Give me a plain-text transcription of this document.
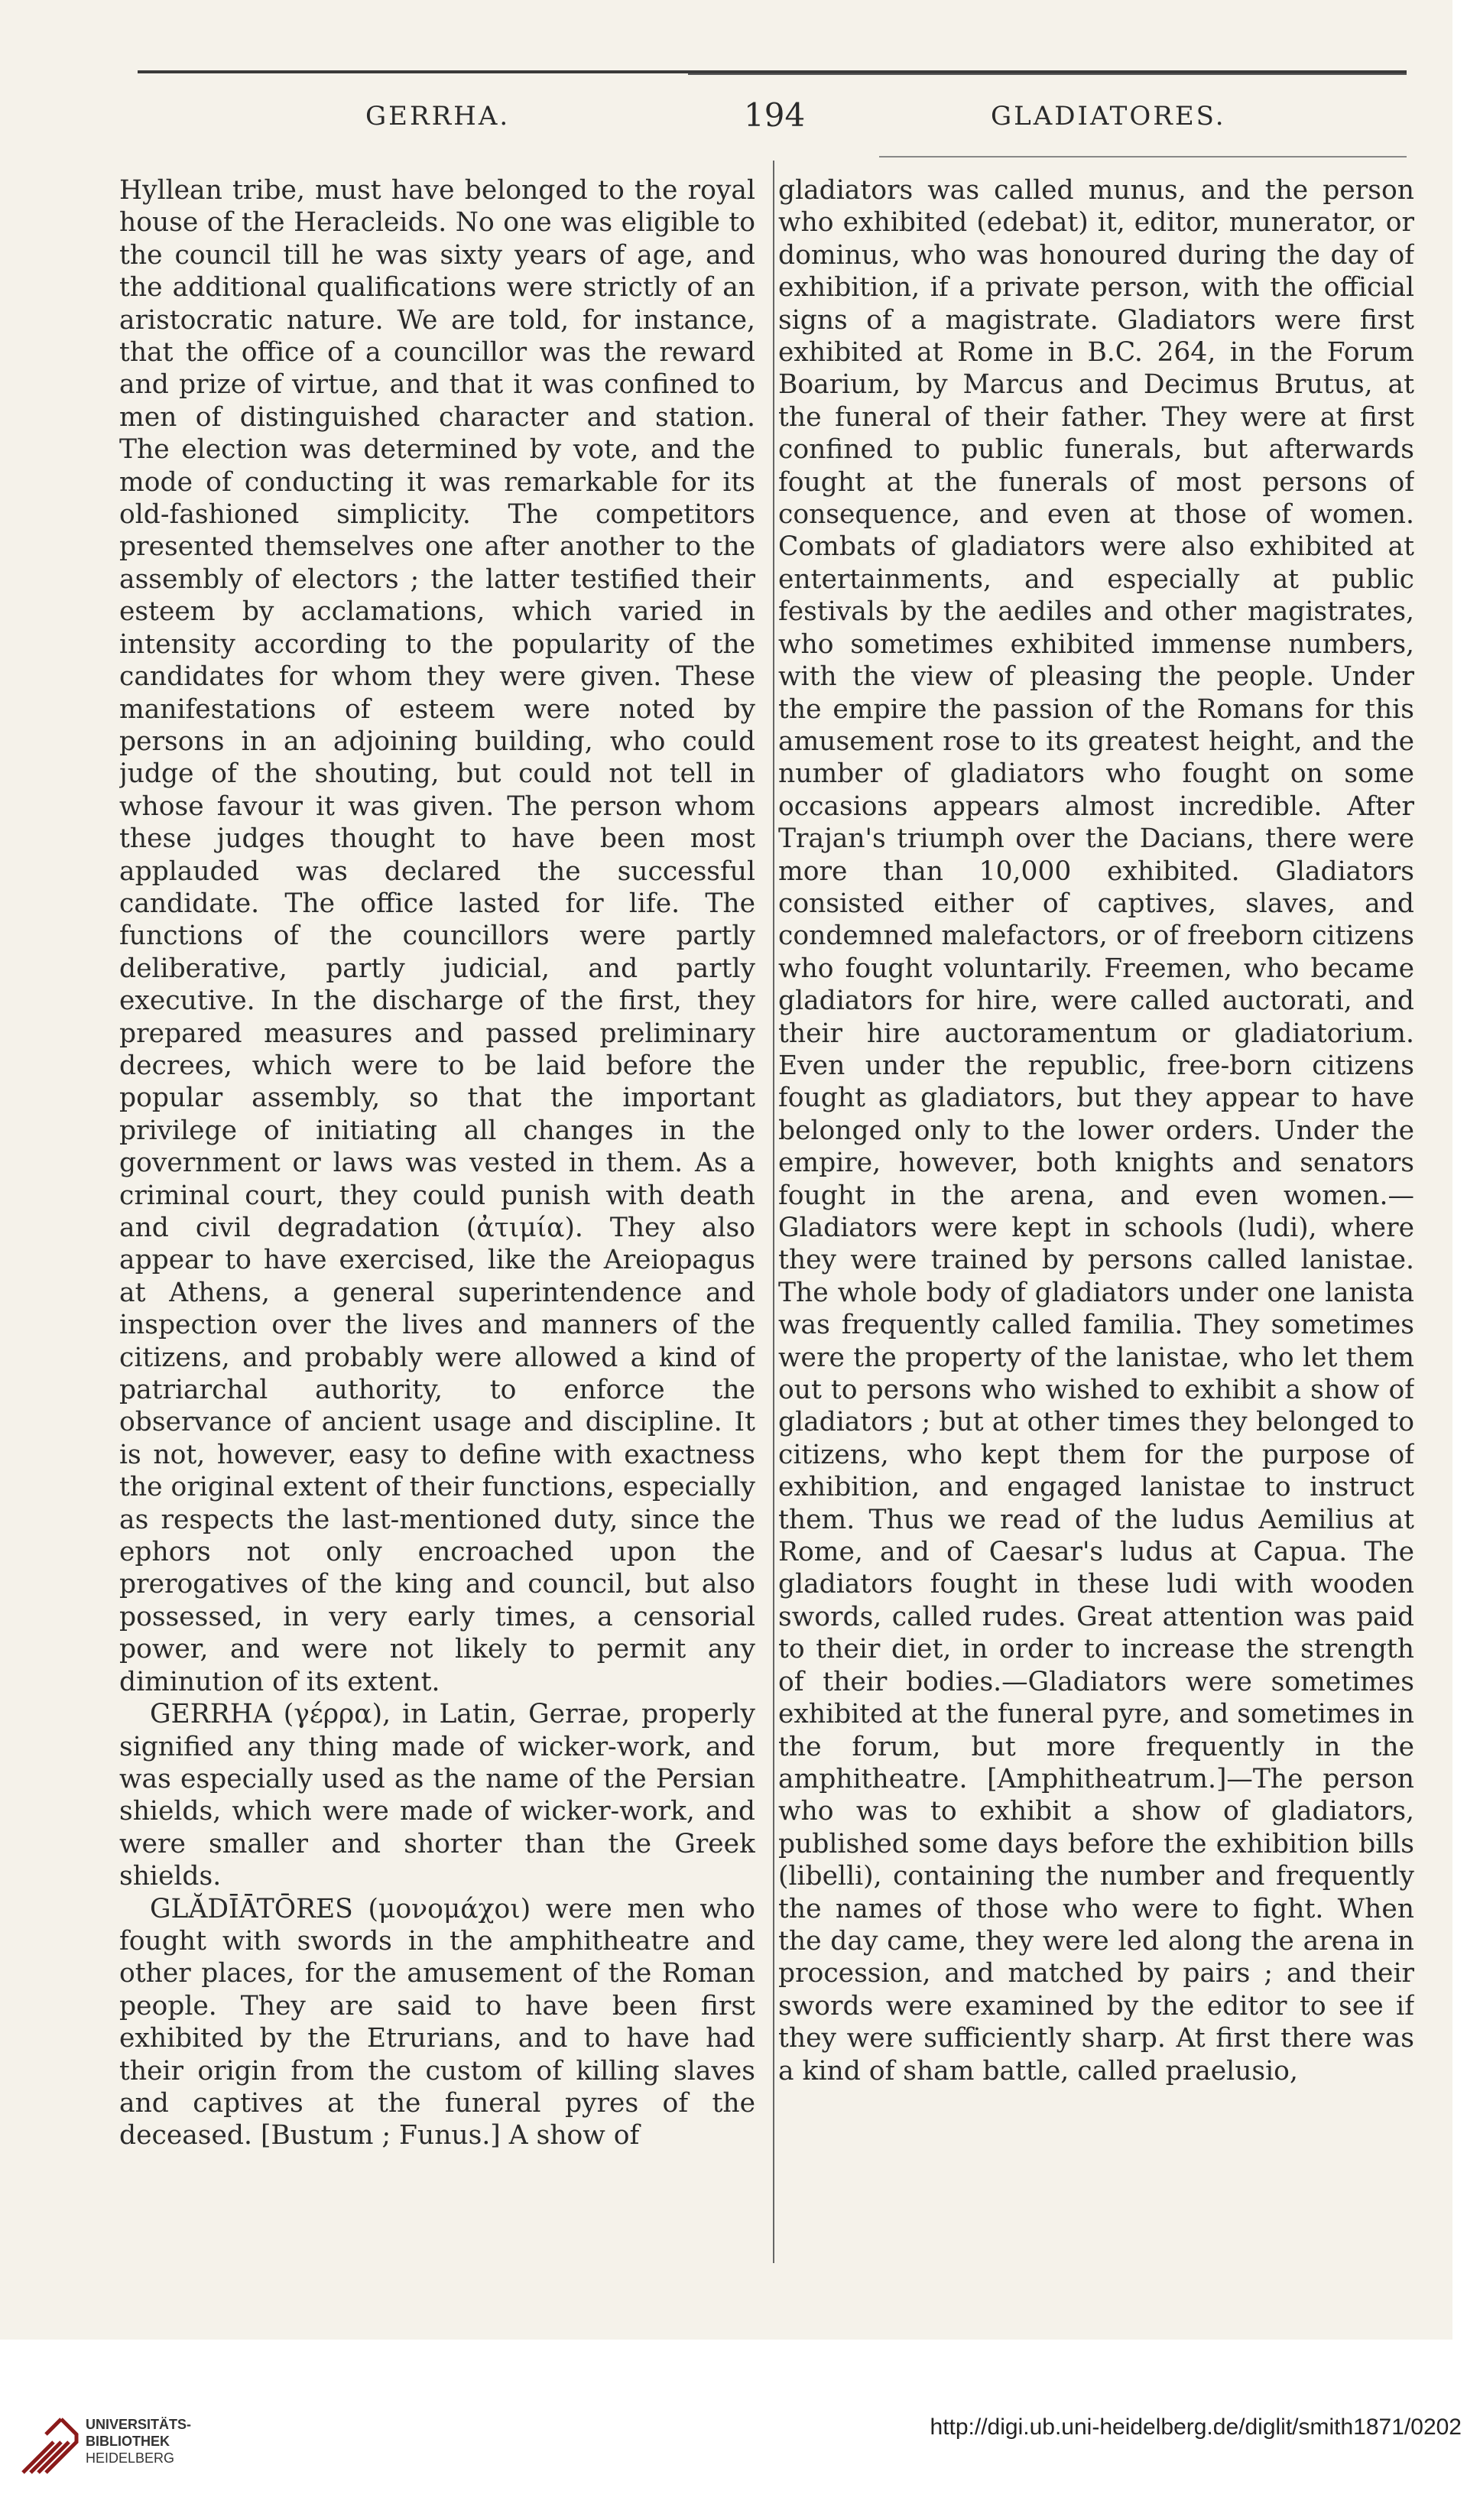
GERRHA.	194	GLADIATORES.

Hyllean tribe, must have belonged to the royal house of the Heracleids. No one was eligible to the council till he was sixty years of age, and the additional qualifications were strictly of an aristocratic nature. We are told, for instance, that the office of a councillor was the reward and prize of virtue, and that it was confined to men of distinguished character and station. The election was determined by vote, and the mode of conducting it was remarkable for its old-fashioned simplicity. The competitors presented themselves one after another to the assembly of electors ; the latter testified their esteem by acclamations, which varied in intensity according to the popularity of the candidates for whom they were given. These manifestations of esteem were noted by persons in an adjoining building, who could judge of the shouting, but could not tell in whose favour it was given. The person whom these judges thought to have been most applauded was declared the successful candidate. The office lasted for life. The functions of the councillors were partly deliberative, partly judicial, and partly executive. In the discharge of the first, they prepared measures and passed preliminary decrees, which were to be laid before the popular assembly, so that the important privilege of initiating all changes in the government or laws was vested in them. As a criminal court, they could punish with death and civil degradation (ἀτιμία). They also appear to have exercised, like the Areiopagus at Athens, a general superintendence and inspection over the lives and manners of the citizens, and probably were allowed a kind of patriarchal authority, to enforce the observance of ancient usage and discipline. It is not, however, easy to define with exactness the original extent of their functions, especially as respects the last-mentioned duty, since the ephors not only encroached upon the prerogatives of the king and council, but also possessed, in very early times, a censorial power, and were not likely to permit any diminution of its extent.

GERRHA (γέρρα), in Latin, Gerrae, properly signified any thing made of wicker-work, and was especially used as the name of the Persian shields, which were made of wicker-work, and were smaller and shorter than the Greek shields.

GLĂDĪĀTŌRES (μονομάχοι) were men who fought with swords in the amphitheatre and other places, for the amusement of the Roman people. They are said to have been first exhibited by the Etrurians, and to have had their origin from the custom of killing slaves and captives at the funeral pyres of the deceased. [Bustum ; Funus.] A show of

gladiators was called munus, and the person who exhibited (edebat) it, editor, munerator, or dominus, who was honoured during the day of exhibition, if a private person, with the official signs of a magistrate. Gladiators were first exhibited at Rome in B.C. 264, in the Forum Boarium, by Marcus and Decimus Brutus, at the funeral of their father. They were at first confined to public funerals, but afterwards fought at the funerals of most persons of consequence, and even at those of women. Combats of gladiators were also exhibited at entertainments, and especially at public festivals by the aediles and other magistrates, who sometimes exhibited immense numbers, with the view of pleasing the people. Under the empire the passion of the Romans for this amusement rose to its greatest height, and the number of gladiators who fought on some occasions appears almost incredible. After Trajan's triumph over the Dacians, there were more than 10,000 exhibited. Gladiators consisted either of captives, slaves, and condemned malefactors, or of freeborn citizens who fought voluntarily. Freemen, who became gladiators for hire, were called auctorati, and their hire auctoramentum or gladiatorium. Even under the republic, free-born citizens fought as gladiators, but they appear to have belonged only to the lower orders. Under the empire, however, both knights and senators fought in the arena, and even women.—Gladiators were kept in schools (ludi), where they were trained by persons called lanistae. The whole body of gladiators under one lanista was frequently called familia. They sometimes were the property of the lanistae, who let them out to persons who wished to exhibit a show of gladiators ; but at other times they belonged to citizens, who kept them for the purpose of exhibition, and engaged lanistae to instruct them. Thus we read of the ludus Aemilius at Rome, and of Caesar's ludus at Capua. The gladiators fought in these ludi with wooden swords, called rudes. Great attention was paid to their diet, in order to increase the strength of their bodies.—Gladiators were sometimes exhibited at the funeral pyre, and sometimes in the forum, but more frequently in the amphitheatre. [Amphitheatrum.]—The person who was to exhibit a show of gladiators, published some days before the exhibition bills (libelli), containing the number and frequently the names of those who were to fight. When the day came, they were led along the arena in procession, and matched by pairs ; and their swords were examined by the editor to see if they were sufficiently sharp. At first there was a kind of sham battle, called praelusio,

UNIVERSITÄTS-
BIBLIOTHEK
HEIDELBERG
http://digi.ub.uni-heidelberg.de/diglit/smith1871/0202
